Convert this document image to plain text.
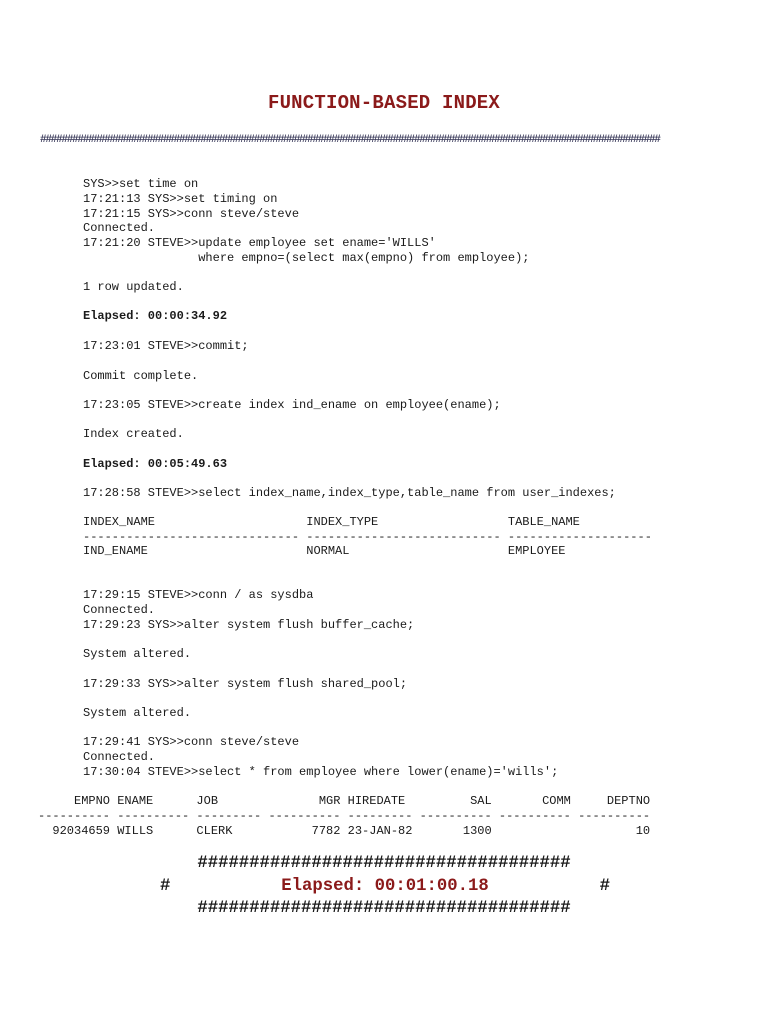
FUNCTION-BASED INDEX
####################################################################################################################

SYS>>set time on

17:21:13 SYS>>set timing on

17:21:15 SYS>>conn steve/steve

Connected.

17:21:20 STEVE>>update employee set ename='WILLS'

where empno=(select max(empno) from employee);

1 row updated.

Elapsed: 00:00:34.92

17:23:01 STEVE>>commit;

Commit complete.

17:23:05 STEVE>>create index ind_ename on employee(ename);

Index created.

Elapsed: 00:05:49.63

17:28:58 STEVE>>select index_name,index_type,table_name from user_indexes;

INDEX_NAME                     INDEX_TYPE                  TABLE_NAME

------------------------------ --------------------------- --------------------

IND_ENAME                      NORMAL                      EMPLOYEE

17:29:15 STEVE>>conn / as sysdba

Connected.

17:29:23 SYS>>alter system flush buffer_cache;

System altered.

17:29:33 SYS>>alter system flush shared_pool;

System altered.

17:29:41 SYS>>conn steve/steve

Connected.

17:30:04 STEVE>>select * from employee where lower(ename)='wills';

EMPNO ENAME      JOB              MGR HIREDATE         SAL       COMM     DEPTNO

---------- ---------- --------- ---------- --------- ---------- ---------- ----------

92034659 WILLS      CLERK           7782 23-JAN-82       1300                    10

####################################
#	Elapsed: 00:01:00.18	#
####################################
